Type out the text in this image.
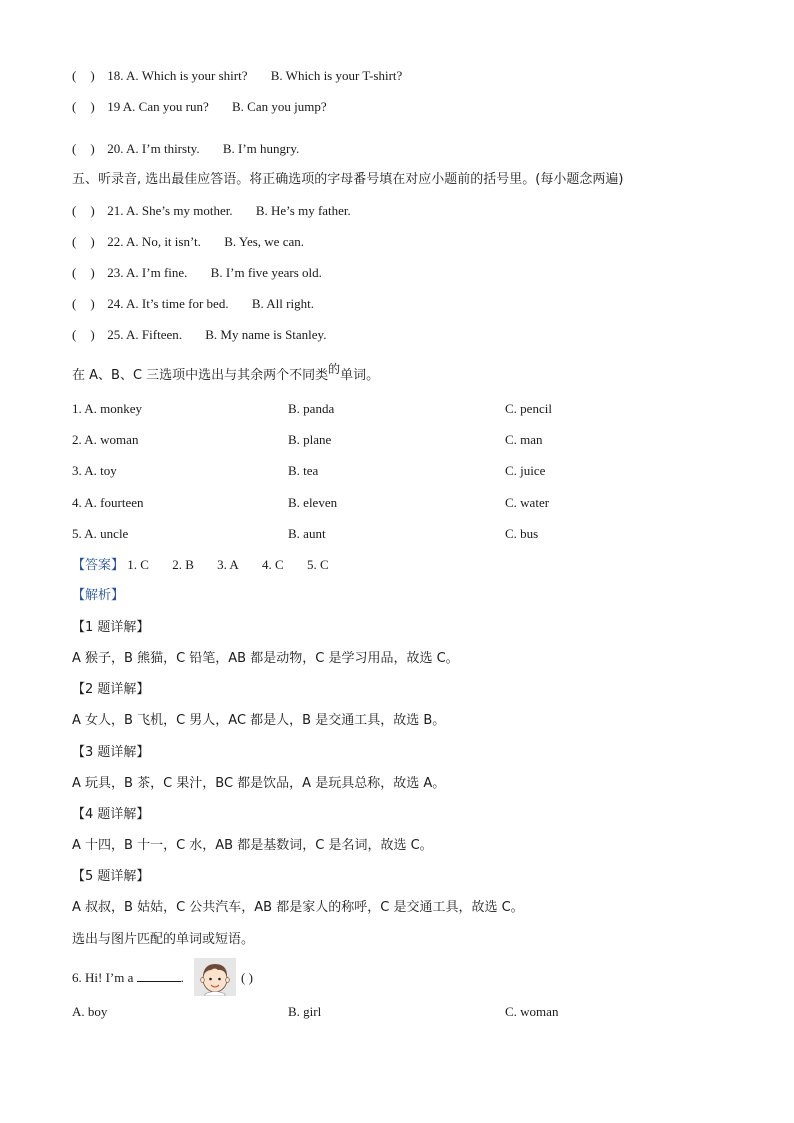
( ) 18. A. Which is your shirt? B. Which is your T-shirt?
( ) 19 A. Can you run? B. Can you jump?
( ) 20. A. I’m thirsty. B. I’m hungry.
五、听录音, 选出最佳应答语。将正确选项的字母番号填在对应小题前的括号里。(每小题念两遍)
( ) 21. A. She’s my mother. B. He’s my father.
( ) 22. A. No, it isn’t. B. Yes, we can.
( ) 23. A. I’m fine. B. I’m five years old.
( ) 24. A. It’s time for bed. B. All right.
( ) 25. A. Fifteen. B. My name is Stanley.
在 A、B、C 三选项中选出与其余两个不同类的单词。
1. A. monkey	B. panda	C. pencil
2. A. woman	B. plane	C. man
3. A. toy	B. tea	C. juice
4. A. fourteen	B. eleven	C. water
5. A. uncle	B. aunt	C. bus
【答案】 1. C 2. B 3. A 4. C 5. C
【解析】
【1 题详解】
A 猴子，B 熊猫，C 铅笔，AB 都是动物，C 是学习用品，故选 C。
【2 题详解】
A 女人，B 飞机，C 男人，AC 都是人，B 是交通工具，故选 B。
【3 题详解】
A 玩具，B 茶，C 果汁，BC 都是饮品，A 是玩具总称，故选 A。
【4 题详解】
A 十四，B 十一，C 水，AB 都是基数词，C 是名词，故选 C。
【5 题详解】
A 叔叔，B 姑姑，C 公共汽车，AB 都是家人的称呼，C 是交通工具，故选 C。
选出与图片匹配的单词或短语。
6. Hi! I’m a	.	( )
A. boy	B. girl	C. woman
